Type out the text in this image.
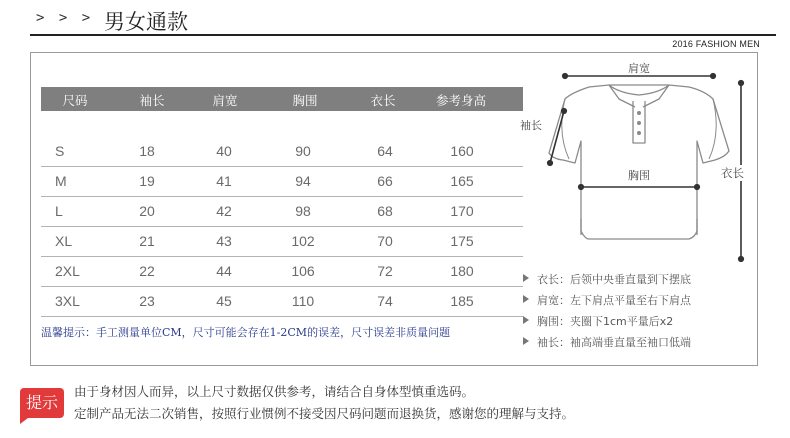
> > > 男女通款
2016 FASHION MEN
尺码	袖长	肩宽	胸围	衣长	参考身高
S	18	40	90	64	160
M	19	41	94	66	165
L	20	42	98	68	170
XL	21	43	102	70	175
2XL	22	44	106	72	180
3XL	23	45	110	74	185
温馨提示：手工测量单位CM，尺寸可能会存在1-2CM的误差，尺寸误差非质量问题
肩宽
袖长
胸围	衣长
衣长：后领中央垂直量到下摆底
肩宽：左下肩点平量至右下肩点
胸围：夹圈下1cm平量后x2
袖长：袖高端垂直量至袖口低端
提示
由于身材因人而异，以上尺寸数据仅供参考，请结合自身体型慎重选码。
定制产品无法二次销售，按照行业惯例不接受因尺码问题而退换货，感谢您的理解与支持。
